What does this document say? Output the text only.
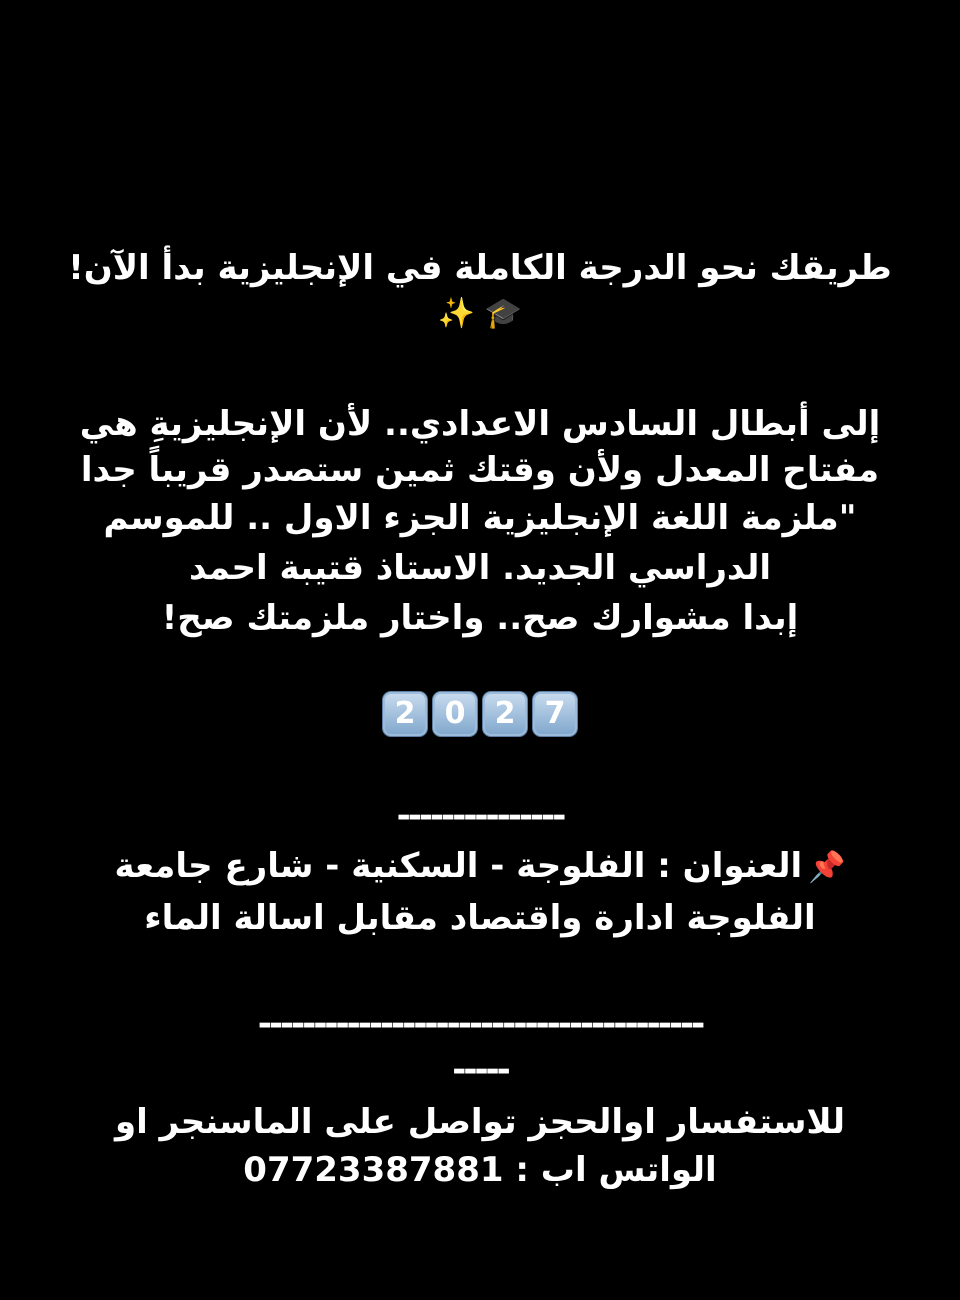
طريقك نحو الدرجة الكاملة في الإنجليزية بدأ الآن!
🎓 ✨
إلى أبطال السادس الاعدادي.. لأن الإنجليزيةِ هي
مفتاح المعدل ولأن وقتك ثمين ستصدر قريباً جدا
"ملزمة اللغة الإنجليزية الجزء الاول .. للموسم
الدراسي الجديد. الاستاذ قتيبة احمد
إبدا مشوارك صح.. واختار ملزمتك صح!
2 0 2 7
---------------
📌العنوان : الفلوجة - السكنية - شارع جامعة
الفلوجة ادارة واقتصاد مقابل اسالة الماء
----------------------------------------
-----
للاستفسار اوالحجز تواصل على الماسنجر او
الواتس اب : 07723387881
